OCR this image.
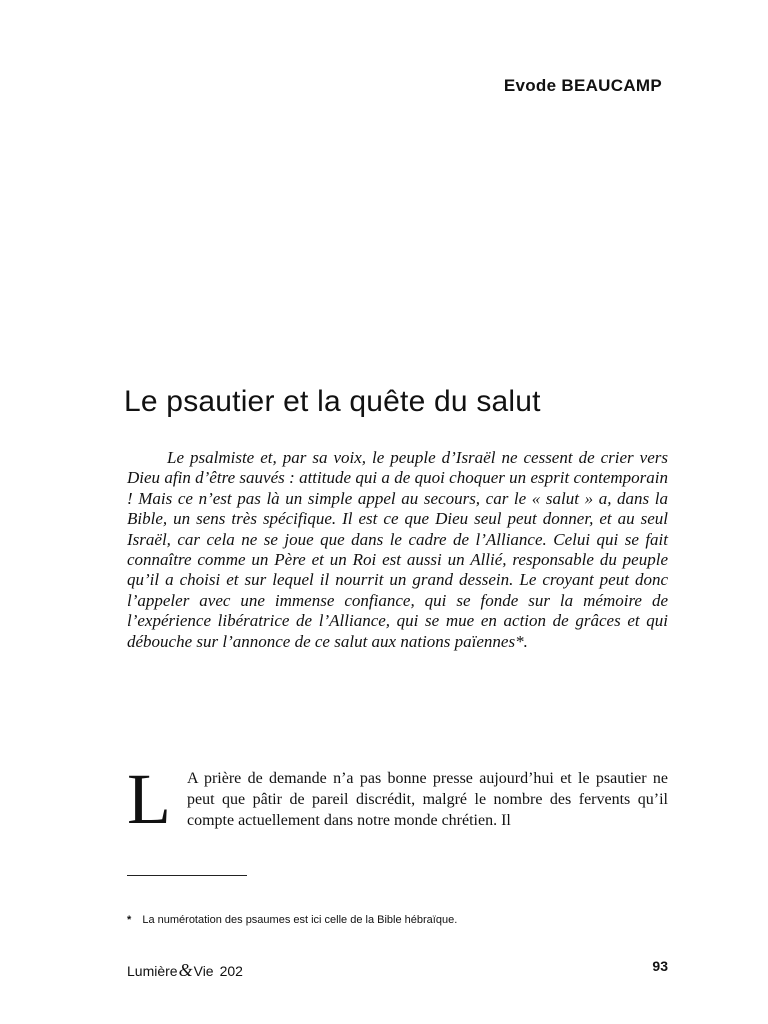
Evode BEAUCAMP
Le psautier et la quête du salut

Le psalmiste et, par sa voix, le peuple d’Israël ne cessent de crier vers Dieu afin d’être sauvés : attitude qui a de quoi choquer un esprit contemporain ! Mais ce n’est pas là un simple appel au secours, car le « salut » a, dans la Bible, un sens très spécifique. Il est ce que Dieu seul peut donner, et au seul Israël, car cela ne se joue que dans le cadre de l’Alliance. Celui qui se fait connaître comme un Père et un Roi est aussi un Allié, responsable du peuple qu’il a choisi et sur lequel il nourrit un grand dessein. Le croyant peut donc l’appeler avec une immense confiance, qui se fonde sur la mémoire de l’expérience libératrice de l’Alliance, qui se mue en action de grâces et qui débouche sur l’annonce de ce salut aux nations païennes*.

L A prière de demande n’a pas bonne presse aujourd’hui et le psautier ne peut que pâtir de pareil discrédit, malgré le nombre des fervents qu’il compte actuellement dans notre monde chrétien. Il
* La numérotation des psaumes est ici celle de la Bible hébraïque.
Lumière & Vie 202	93
